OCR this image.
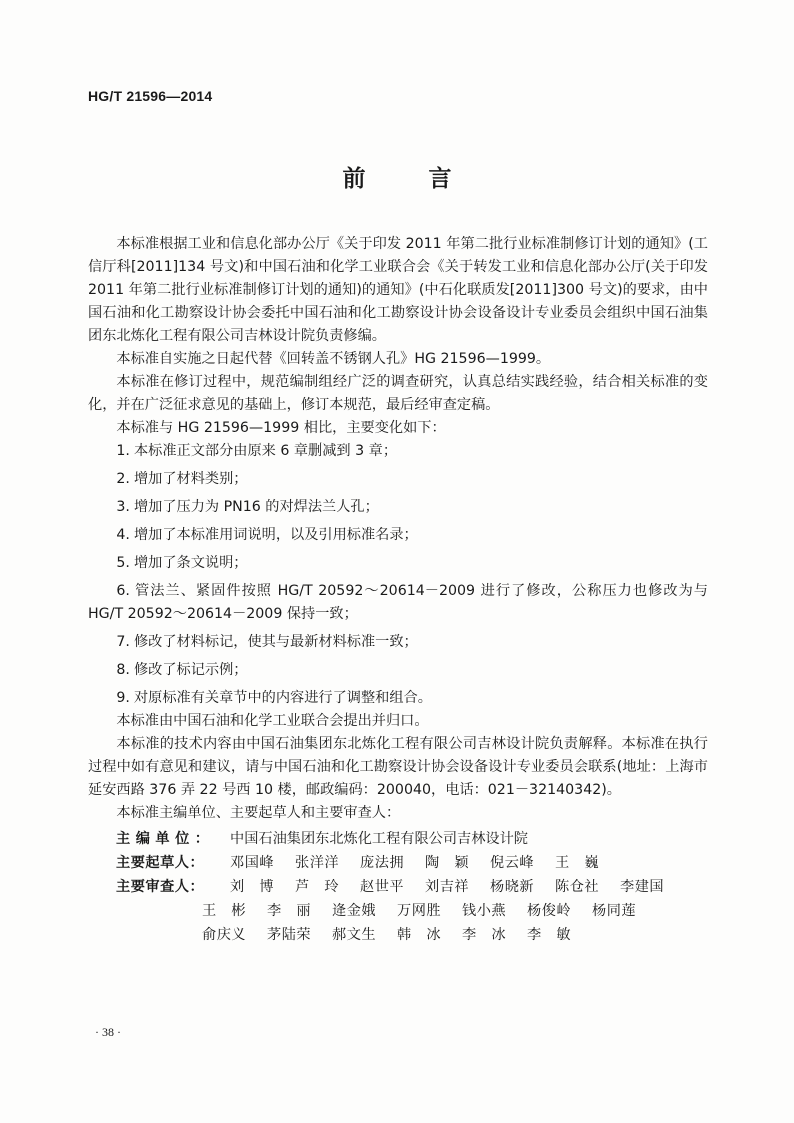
HG/T 21596—2014
前　言

本标准根据工业和信息化部办公厅《关于印发 2011 年第二批行业标准制修订计划的通知》(工信厅科[2011]134 号文)和中国石油和化学工业联合会《关于转发工业和信息化部办公厅(关于印发 2011 年第二批行业标准制修订计划的通知)的通知》(中石化联质发[2011]300 号文)的要求，由中国石油和化工勘察设计协会委托中国石油和化工勘察设计协会设备设计专业委员会组织中国石油集团东北炼化工程有限公司吉林设计院负责修编。

本标准自实施之日起代替《回转盖不锈钢人孔》HG 21596—1999。

本标准在修订过程中，规范编制组经广泛的调查研究，认真总结实践经验，结合相关标准的变化，并在广泛征求意见的基础上，修订本规范，最后经审查定稿。

本标准与 HG 21596—1999 相比，主要变化如下：

1. 本标准正文部分由原来 6 章删减到 3 章；

2. 增加了材料类别；

3. 增加了压力为 PN16 的对焊法兰人孔；

4. 增加了本标准用词说明，以及引用标准名录；

5. 增加了条文说明；

6. 管法兰、紧固件按照 HG/T 20592～20614－2009 进行了修改，公称压力也修改为与 HG/T 20592～20614－2009 保持一致；

7. 修改了材料标记，使其与最新材料标准一致；

8. 修改了标记示例；

9. 对原标准有关章节中的内容进行了调整和组合。

本标准由中国石油和化学工业联合会提出并归口。

本标准的技术内容由中国石油集团东北炼化工程有限公司吉林设计院负责解释。本标准在执行过程中如有意见和建议，请与中国石油和化工勘察设计协会设备设计专业委员会联系(地址：上海市延安西路 376 弄 22 号西 10 楼，邮政编码：200040，电话：021－32140342)。

本标准主编单位、主要起草人和主要审查人：

主编单位：	中国石油集团东北炼化工程有限公司吉林设计院
主要起草人：	邓国峰	张洋洋	庞法拥	陶　颖	倪云峰	王　巍
主要审查人：	刘　博	芦　玲	赵世平	刘吉祥	杨晓新	陈仓社	李建国
王　彬	李　丽	逄金娥	万网胜	钱小燕	杨俊岭	杨同莲
俞庆义	茅陆荣	郝文生	韩　冰	李　冰	李　敏
· 38 ·
